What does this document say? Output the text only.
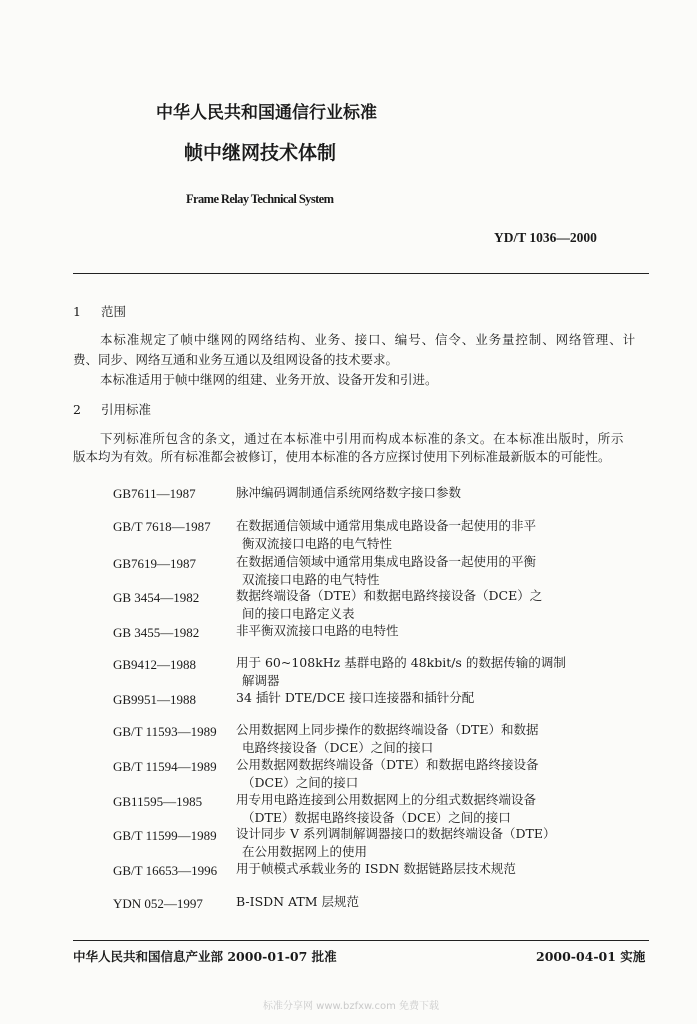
中华人民共和国通信行业标准
帧中继网技术体制
Frame Relay Technical System
YD/T 1036—2000
1 范围
本标准规定了帧中继网的网络结构、业务、接口、编号、信令、业务量控制、网络管理、计
费、同步、网络互通和业务互通以及组网设备的技术要求。
本标准适用于帧中继网的组建、业务开放、设备开发和引进。
2 引用标准
下列标准所包含的条文，通过在本标准中引用而构成本标准的条文。在本标准出版时，所示
版本均为有效。所有标准都会被修订，使用本标准的各方应探讨使用下列标准最新版本的可能性。
GB7611—1987	脉冲编码调制通信系统网络数字接口参数
GB/T 7618—1987 在数据通信领域中通常用集成电路设备一起使用的非平
衡双流接口电路的电气特性
GB7619—1987	在数据通信领域中通常用集成电路设备一起使用的平衡
双流接口电路的电气特性
GB 3454—1982	数据终端设备（DTE）和数据电路终接设备（DCE）之
间的接口电路定义表
GB 3455—1982	非平衡双流接口电路的电特性
GB9412—1988	用于 60~108kHz 基群电路的 48kbit/s 的数据传输的调制
解调器
GB9951—1988	34 插针 DTE/DCE 接口连接器和插针分配
GB/T 11593—1989 公用数据网上同步操作的数据终端设备（DTE）和数据
电路终接设备（DCE）之间的接口
GB/T 11594—1989 公用数据网数据终端设备（DTE）和数据电路终接设备
（DCE）之间的接口
GB11595—1985	用专用电路连接到公用数据网上的分组式数据终端设备
（DTE）数据电路终接设备（DCE）之间的接口
GB/T 11599—1989 设计同步 V 系列调制解调器接口的数据终端设备（DTE）
在公用数据网上的使用
GB/T 16653—1996 用于帧模式承载业务的 ISDN 数据链路层技术规范
YDN 052—1997	B-ISDN ATM 层规范
中华人民共和国信息产业部 2000-01-07 批准	2000-04-01 实施
标准分享网 www.bzfxw.com 免费下载
